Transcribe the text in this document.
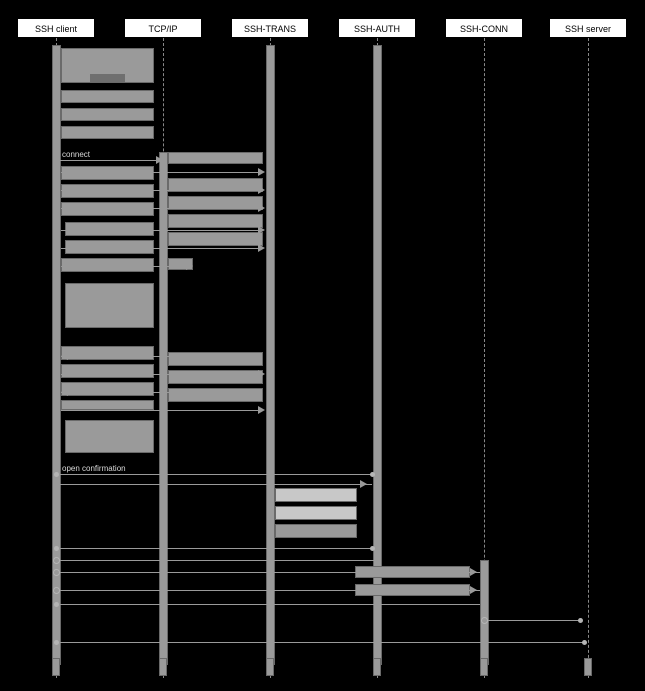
SSH client	TCP/IP	SSH-TRANS	SSH-AUTH	SSH-CONN	SSH server
connect
open confirmation
